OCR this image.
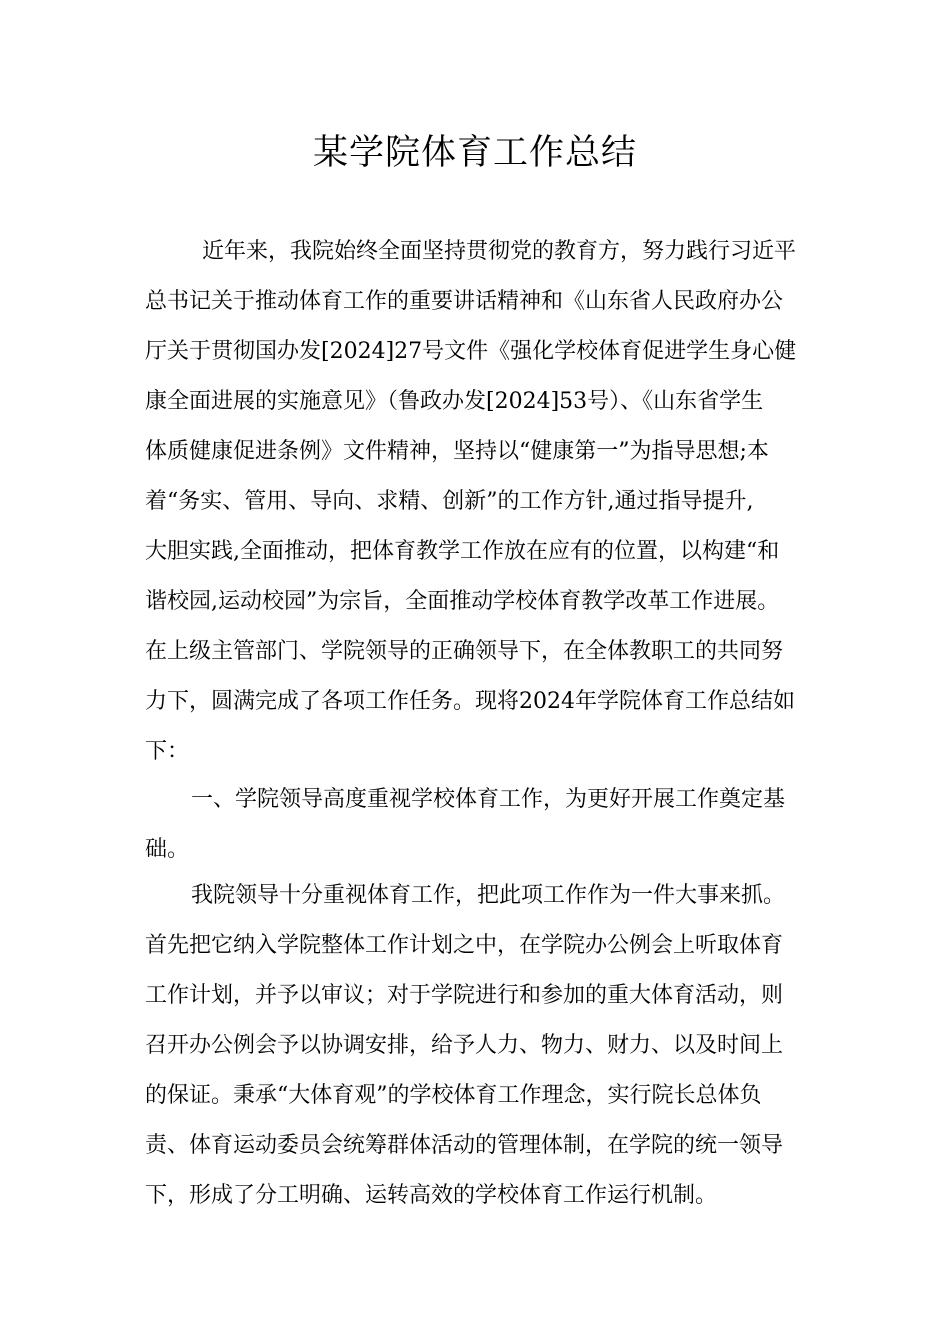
某学院体育工作总结
近年来，我院始终全面坚持贯彻党的教育方，努力践行习近平
总书记关于推动体育工作的重要讲话精神和《山东省人民政府办公
厅关于贯彻国办发[2024]27号文件《强化学校体育促进学生身心健
康全面进展的实施意见》（鲁政办发[2024]53号）、《山东省学生
体质健康促进条例》文件精神，坚持以“健康第一”为指导思想;本
着“务实、管用、导向、求精、创新”的工作方针,通过指导提升,
大胆实践,全面推动，把体育教学工作放在应有的位置，以构建“和
谐校园,运动校园”为宗旨，全面推动学校体育教学改革工作进展。
在上级主管部门、学院领导的正确领导下，在全体教职工的共同努
力下，圆满完成了各项工作任务。现将2024年学院体育工作总结如
下：
一、学院领导高度重视学校体育工作，为更好开展工作奠定基
础。
我院领导十分重视体育工作，把此项工作作为一件大事来抓。
首先把它纳入学院整体工作计划之中，在学院办公例会上听取体育
工作计划，并予以审议；对于学院进行和参加的重大体育活动，则
召开办公例会予以协调安排，给予人力、物力、财力、以及时间上
的保证。秉承“大体育观”的学校体育工作理念，实行院长总体负
责、体育运动委员会统筹群体活动的管理体制，在学院的统一领导
下，形成了分工明确、运转高效的学校体育工作运行机制。
